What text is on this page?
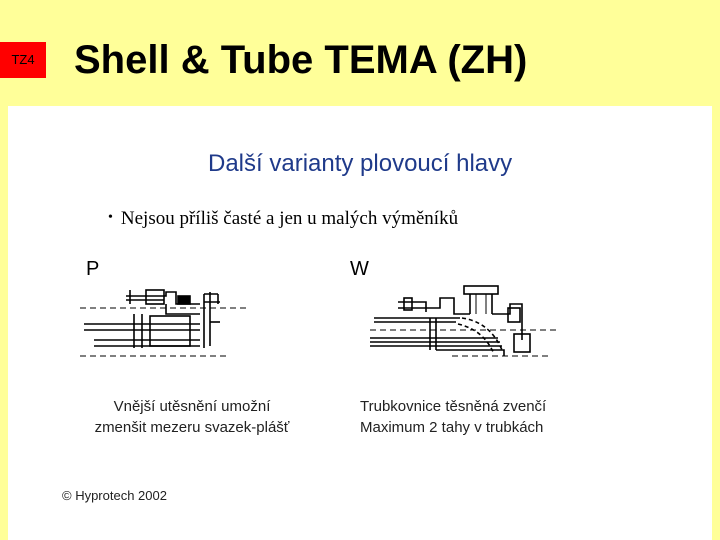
TZ4 Shell & Tube TEMA (ZH)
Další varianty plovoucí hlavy
• Nejsou příliš časté a jen u malých výměníků
P	W
Vnější utěsnění umožní
zmenšit mezeru svazek-plášť
Trubkovnice těsněná zvenčí
Maximum 2 tahy v trubkách
© Hyprotech 2002
